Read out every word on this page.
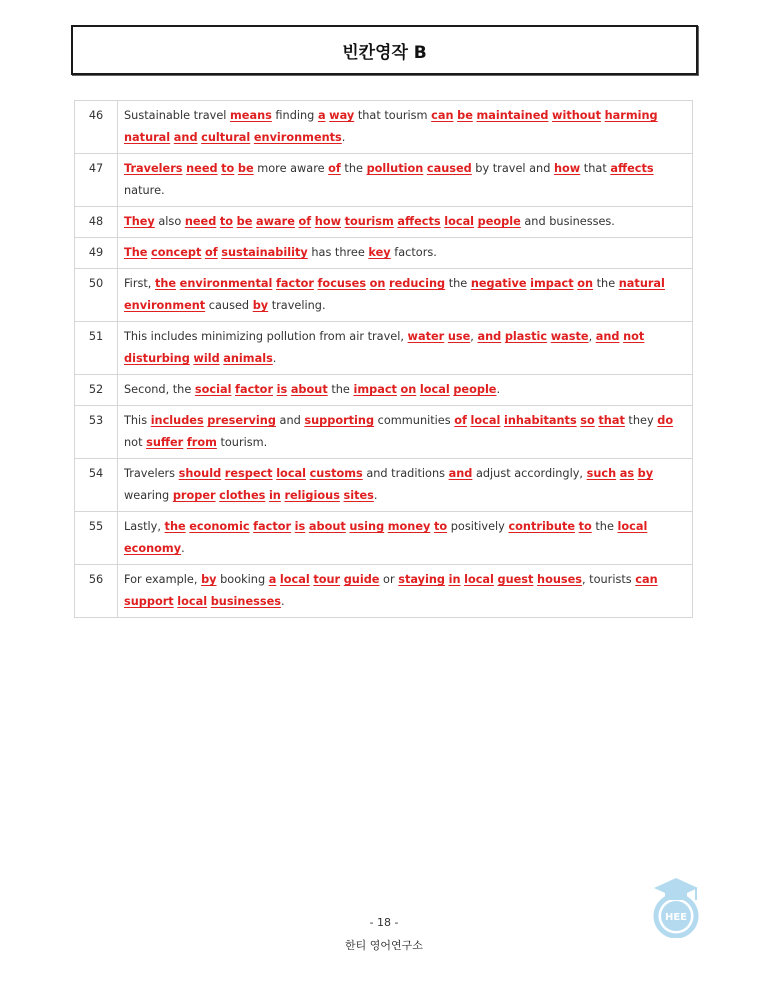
빈칸영작 B
46	Sustainable travel means finding a way that tourism can be maintained without harming natural and cultural environments.
47	Travelers need to be more aware of the pollution caused by travel and how that affects nature.
48	They also need to be aware of how tourism affects local people and businesses.
49	The concept of sustainability has three key factors.
50	First, the environmental factor focuses on reducing the negative impact on the natural environment caused by traveling.
51	This includes minimizing pollution from air travel, water use, and plastic waste, and not disturbing wild animals.
52	Second, the social factor is about the impact on local people.
53	This includes preserving and supporting communities of local inhabitants so that they do not suffer from tourism.
54	Travelers should respect local customs and traditions and adjust accordingly, such as by wearing proper clothes in religious sites.
55	Lastly, the economic factor is about using money to positively contribute to the local economy.
56	For example, by booking a local tour guide or staying in local guest houses, tourists can support local businesses.
- 18 -
한티 영어연구소
HEE
